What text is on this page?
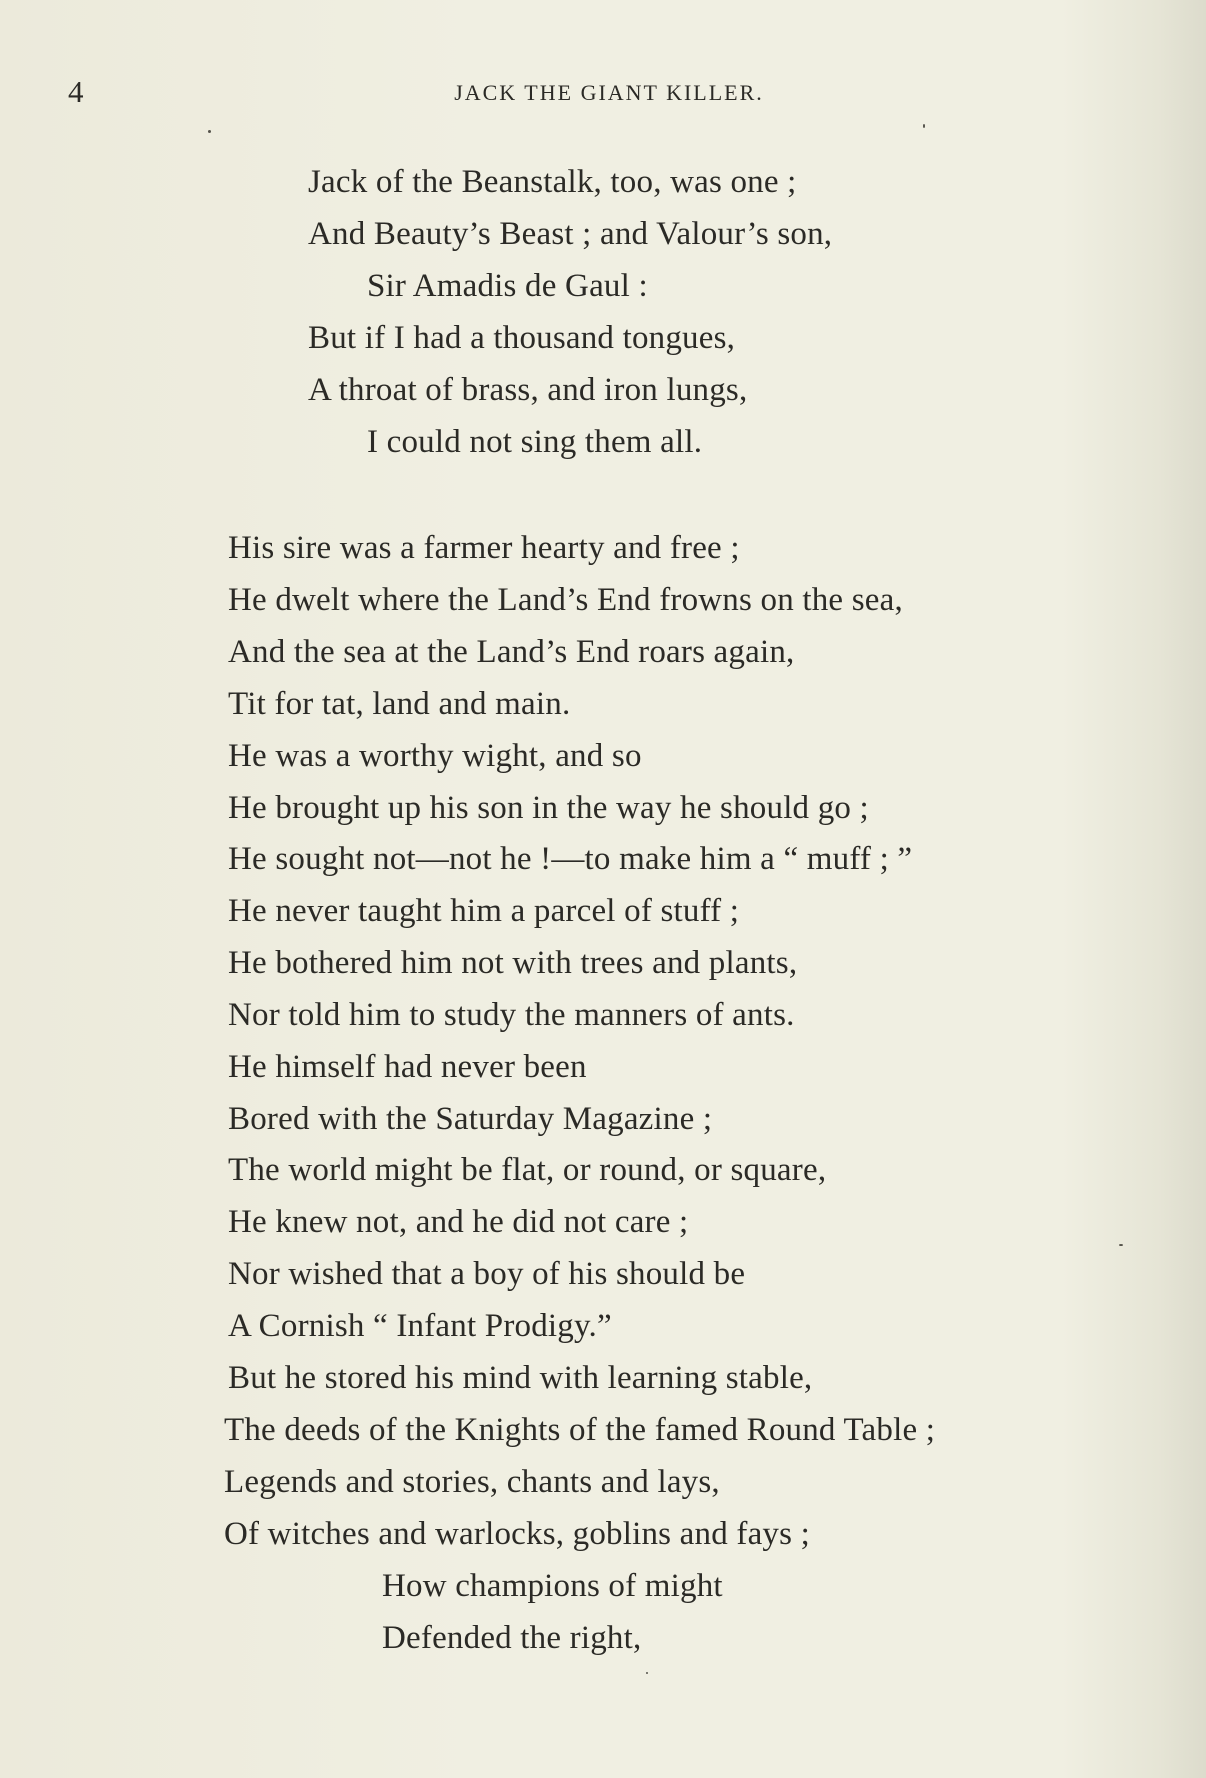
4	JACK THE GIANT KILLER.
Jack of the Beanstalk, too, was one ;
And Beauty’s Beast ; and Valour’s son,
Sir Amadis de Gaul :
But if I had a thousand tongues,
A throat of brass, and iron lungs,
I could not sing them all.
His sire was a farmer hearty and free ;
He dwelt where the Land’s End frowns on the sea,
And the sea at the Land’s End roars again,
Tit for tat, land and main.
He was a worthy wight, and so
He brought up his son in the way he should go ;
He sought not—not he !—to make him a “ muff ; ”
He never taught him a parcel of stuff ;
He bothered him not with trees and plants,
Nor told him to study the manners of ants.
He himself had never been
Bored with the Saturday Magazine ;
The world might be flat, or round, or square,
He knew not, and he did not care ;
Nor wished that a boy of his should be
A Cornish “ Infant Prodigy.”
But he stored his mind with learning stable,
The deeds of the Knights of the famed Round Table ;
Legends and stories, chants and lays,
Of witches and warlocks, goblins and fays ;
How champions of might
Defended the right,
